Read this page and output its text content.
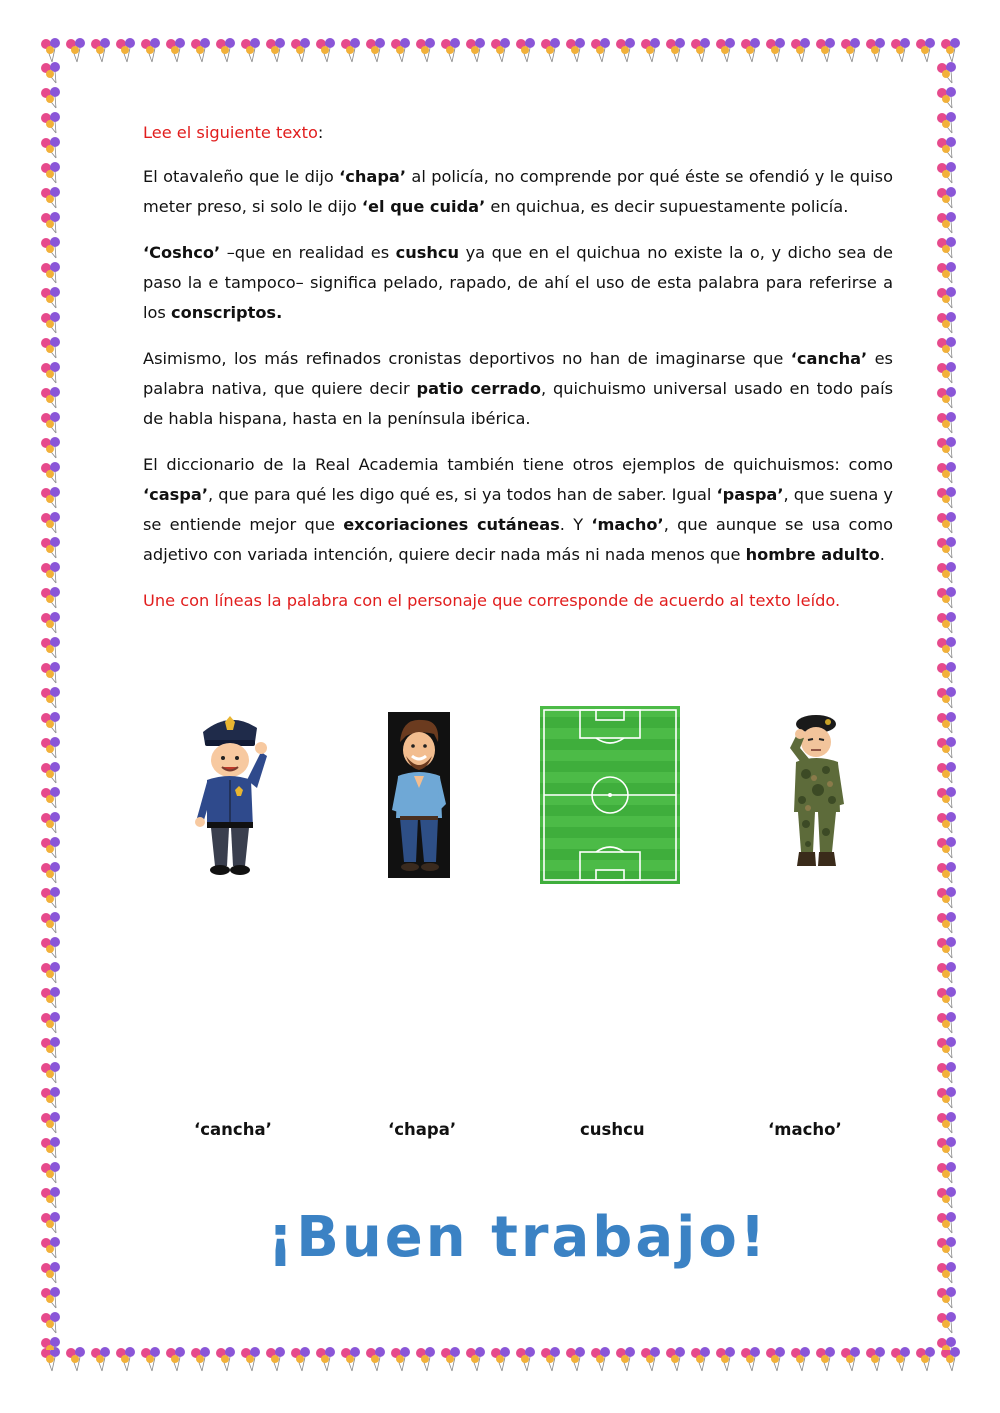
Lee el siguiente texto:

El otavaleño que le dijo ‘chapa’ al policía, no comprende por qué éste se ofendió y le quiso meter preso, si solo le dijo ‘el que cuida’ en quichua, es decir supuestamente policía.

‘Coshco’ –que en realidad es cushcu ya que en el quichua no existe la o, y dicho sea de paso la e tampoco– significa pelado, rapado, de ahí el uso de esta palabra para referirse a los conscriptos.

Asimismo, los más refinados cronistas deportivos no han de imaginarse que ‘cancha’ es palabra nativa, que quiere decir patio cerrado, quichuismo universal usado en todo país de habla hispana, hasta en la península ibérica.

El diccionario de la Real Academia también tiene otros ejemplos de quichuismos: como ‘caspa’, que para qué les digo qué es, si ya todos han de saber. Igual ‘paspa’, que suena y se entiende mejor que excoriaciones cutáneas. Y ‘macho’, que aunque se usa como adjetivo con variada intención, quiere decir nada más ni nada menos que hombre adulto.

Une con líneas la palabra con el personaje que corresponde de acuerdo al texto leído.

‘cancha’	‘chapa’	cushcu	‘macho’
¡Buen trabajo!
